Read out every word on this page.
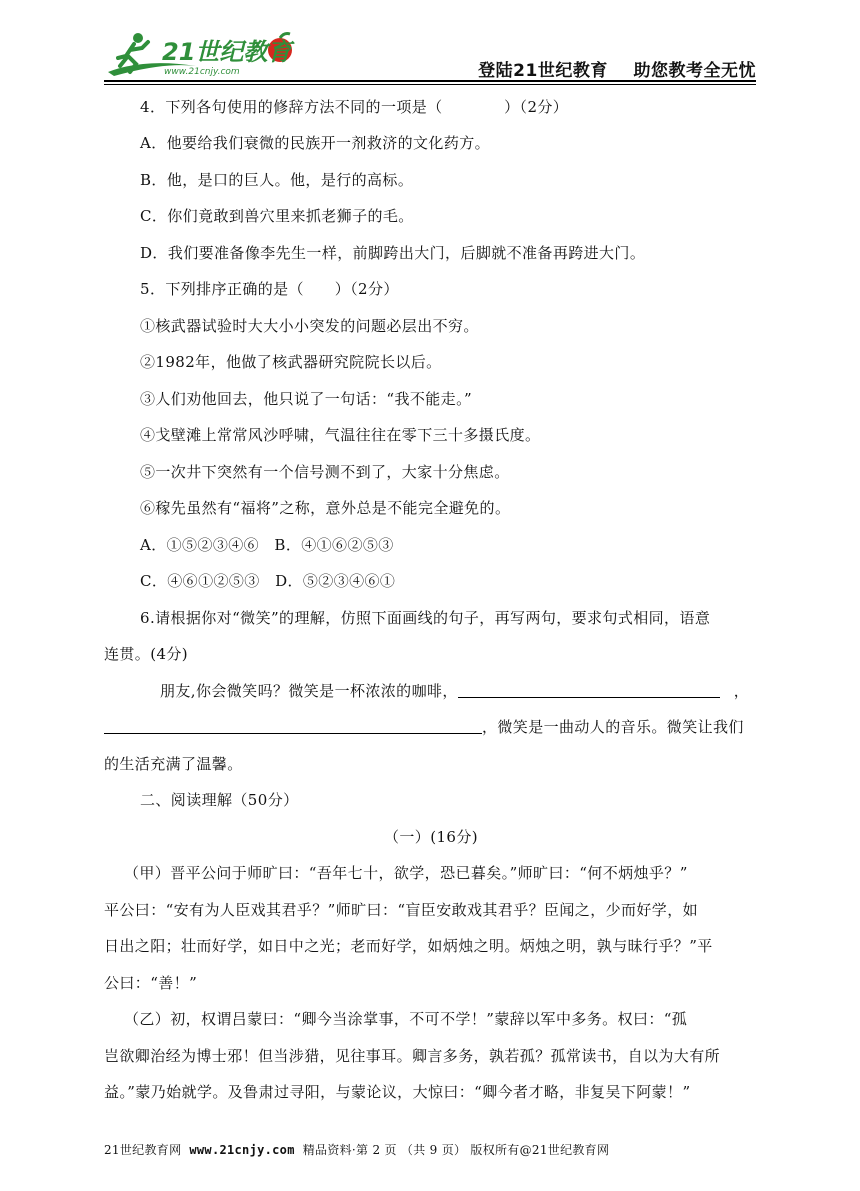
21世纪教育
www.21cnjy.com	登陆21世纪教育    助您教考全无忧
4．下列各句使用的修辞方法不同的一项是（　　　　）（2分）
A．他要给我们衰微的民族开一剂救济的文化药方。
B．他，是口的巨人。他，是行的高标。
C．你们竟敢到兽穴里来抓老狮子的毛。
D．我们要准备像李先生一样，前脚跨出大门，后脚就不准备再跨进大门。
5．下列排序正确的是（　　）（2分）
①核武器试验时大大小小突发的问题必层出不穷。
②1982年，他做了核武器研究院院长以后。
③人们劝他回去，他只说了一句话：“我不能走。”
④戈壁滩上常常风沙呼啸，气温往往在零下三十多摄氏度。
⑤一次井下突然有一个信号测不到了，大家十分焦虑。
⑥稼先虽然有“福将”之称，意外总是不能完全避免的。
A．①⑤②③④⑥　B．④①⑥②⑤③
C．④⑥①②⑤③　D．⑤②③④⑥①
6.请根据你对“微笑”的理解，仿照下面画线的句子，再写两句，要求句式相同，语意
连贯。(4分)
朋友,你会微笑吗？微笑是一杯浓浓的咖啡，	，
，微笑是一曲动人的音乐。微笑让我们
的生活充满了温馨。
二、阅读理解（50分）
（一）(16分)
（甲）晋平公问于师旷曰：“吾年七十，欲学，恐已暮矣。”师旷曰：“何不炳烛乎？”
平公曰：“安有为人臣戏其君乎？”师旷曰：“盲臣安敢戏其君乎？臣闻之，少而好学，如
日出之阳；壮而好学，如日中之光；老而好学，如炳烛之明。炳烛之明，孰与昧行乎？”平
公曰：“善！”
（乙）初，权谓吕蒙曰：“卿今当涂掌事，不可不学！”蒙辞以军中多务。权曰：“孤
岂欲卿治经为博士邪！但当涉猎，见往事耳。卿言多务，孰若孤？孤常读书，自以为大有所
益。”蒙乃始就学。及鲁肃过寻阳，与蒙论议，大惊曰：“卿今者才略，非复吴下阿蒙！”
21世纪教育网 www.21cnjy.com 精品资料·第 2 页 （共 9 页） 版权所有@21世纪教育网
